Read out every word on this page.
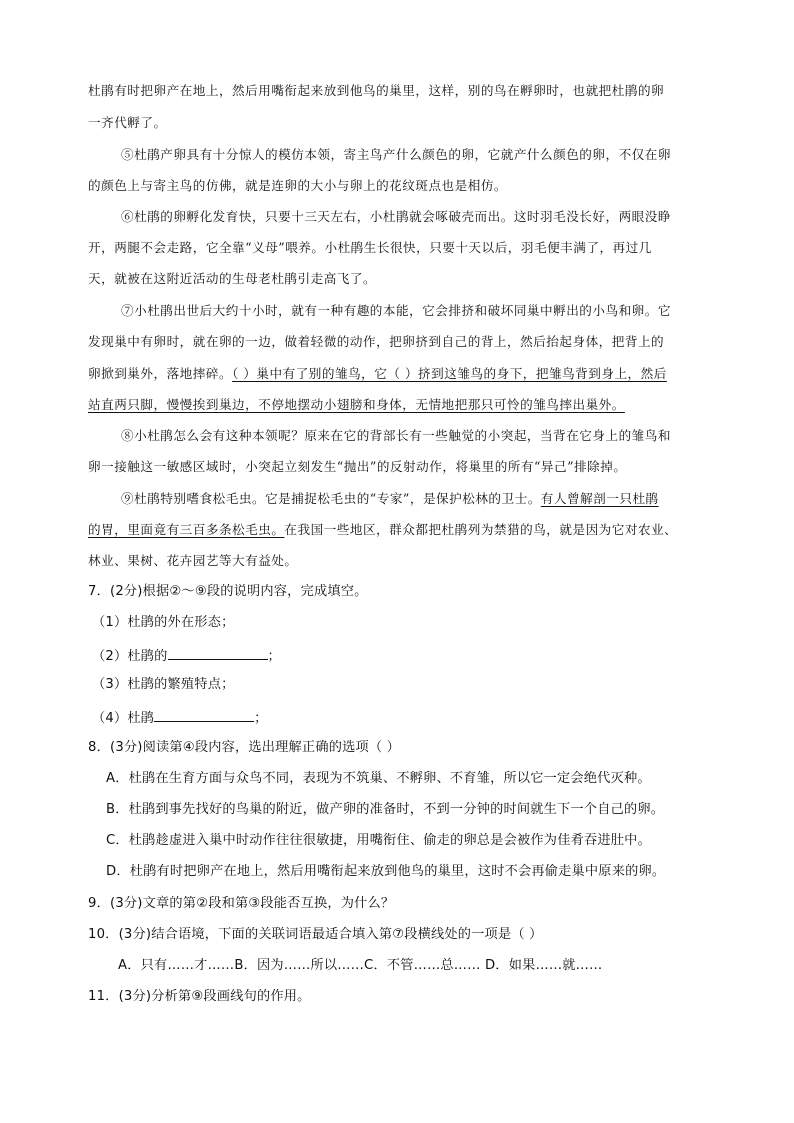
杜鹃有时把卵产在地上，然后用嘴衔起来放到他鸟的巢里，这样，别的鸟在孵卵时，也就把杜鹃的卵
一齐代孵了。
⑤杜鹃产卵具有十分惊人的模仿本领，寄主鸟产什么颜色的卵，它就产什么颜色的卵，不仅在卵
的颜色上与寄主鸟的仿佛，就是连卵的大小与卵上的花纹斑点也是相仿。
⑥杜鹃的卵孵化发育快，只要十三天左右，小杜鹃就会啄破壳而出。这时羽毛没长好，两眼没睁
开，两腿不会走路，它全靠“义母”喂养。小杜鹃生长很快，只要十天以后，羽毛便丰满了，再过几
天，就被在这附近活动的生母老杜鹃引走高飞了。
⑦小杜鹃出世后大约十小时，就有一种有趣的本能，它会排挤和破坏同巢中孵出的小鸟和卵。它
发现巢中有卵时，就在卵的一边，做着轻微的动作，把卵挤到自己的背上，然后抬起身体，把背上的
卵掀到巢外，落地摔碎。（ ）巢中有了别的雏鸟，它（ ）挤到这雏鸟的身下，把雏鸟背到身上，然后
站直两只脚，慢慢挨到巢边，不停地摆动小翅膀和身体，无情地把那只可怜的雏鸟摔出巢外。
⑧小杜鹃怎么会有这种本领呢？原来在它的背部长有一些触觉的小突起，当背在它身上的雏鸟和
卵一接触这一敏感区域时，小突起立刻发生“抛出”的反射动作，将巢里的所有“异己”排除掉。
⑨杜鹃特别嗜食松毛虫。它是捕捉松毛虫的“专家”，是保护松林的卫士。有人曾解剖一只杜鹃
的胃，里面竟有三百多条松毛虫。在我国一些地区，群众都把杜鹃列为禁猎的鸟，就是因为它对农业、
林业、果树、花卉园艺等大有益处。
7．(2分)根据②～⑨段的说明内容，完成填空。
（1）杜鹃的外在形态；
（2）杜鹃的	；
（3）杜鹃的繁殖特点；
（4）杜鹃	；
8．(3分)阅读第④段内容，选出理解正确的选项（ ）
A．杜鹃在生育方面与众鸟不同，表现为不筑巢、不孵卵、不育雏，所以它一定会绝代灭种。
B．杜鹃到事先找好的鸟巢的附近，做产卵的准备时，不到一分钟的时间就生下一个自己的卵。
C．杜鹃趁虚进入巢中时动作往往很敏捷，用嘴衔住、偷走的卵总是会被作为佳肴吞进肚中。
D．杜鹃有时把卵产在地上，然后用嘴衔起来放到他鸟的巢里，这时不会再偷走巢中原来的卵。
9．(3分)文章的第②段和第③段能否互换，为什么？
10．(3分)结合语境，下面的关联词语最适合填入第⑦段横线处的一项是（ ）
A．只有……才……B．因为……所以……C．不管……总…… D．如果……就……
11．(3分)分析第⑨段画线句的作用。
